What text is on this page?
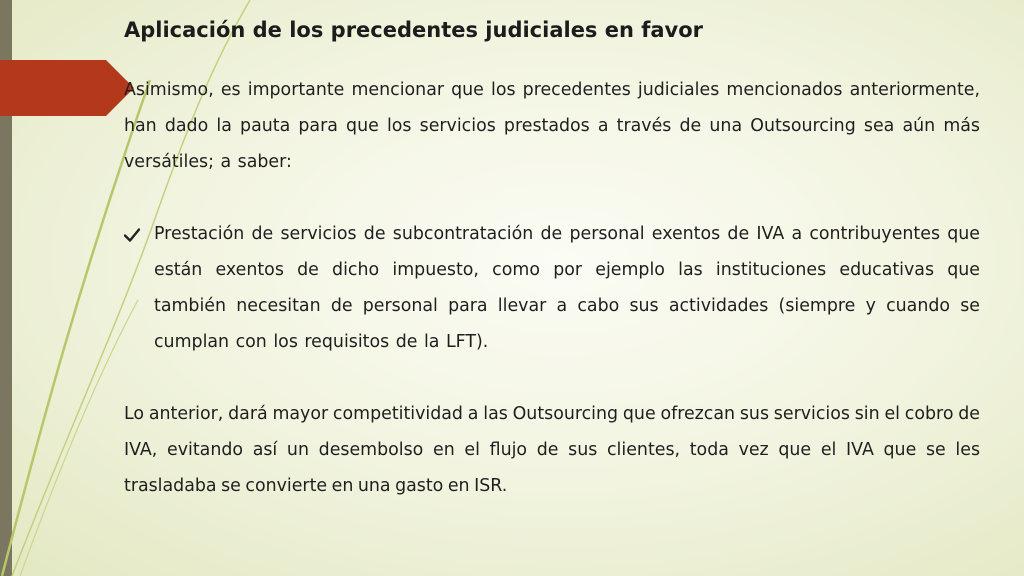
Aplicación de los precedentes judiciales en favor

Asimismo, es importante mencionar que los precedentes judiciales mencionados anteriormente, han dado la pauta para que los servicios prestados a través de una Outsourcing sea aún más versátiles; a saber:

Prestación de servicios de subcontratación de personal exentos de IVA a contribuyentes que están exentos de dicho impuesto, como por ejemplo las instituciones educativas que también necesitan de personal para llevar a cabo sus actividades (siempre y cuando se cumplan con los requisitos de la LFT).

Lo anterior, dará mayor competitividad a las Outsourcing que ofrezcan sus servicios sin el cobro de IVA, evitando así un desembolso en el flujo de sus clientes, toda vez que el IVA que se les trasladaba se convierte en una gasto en ISR.
